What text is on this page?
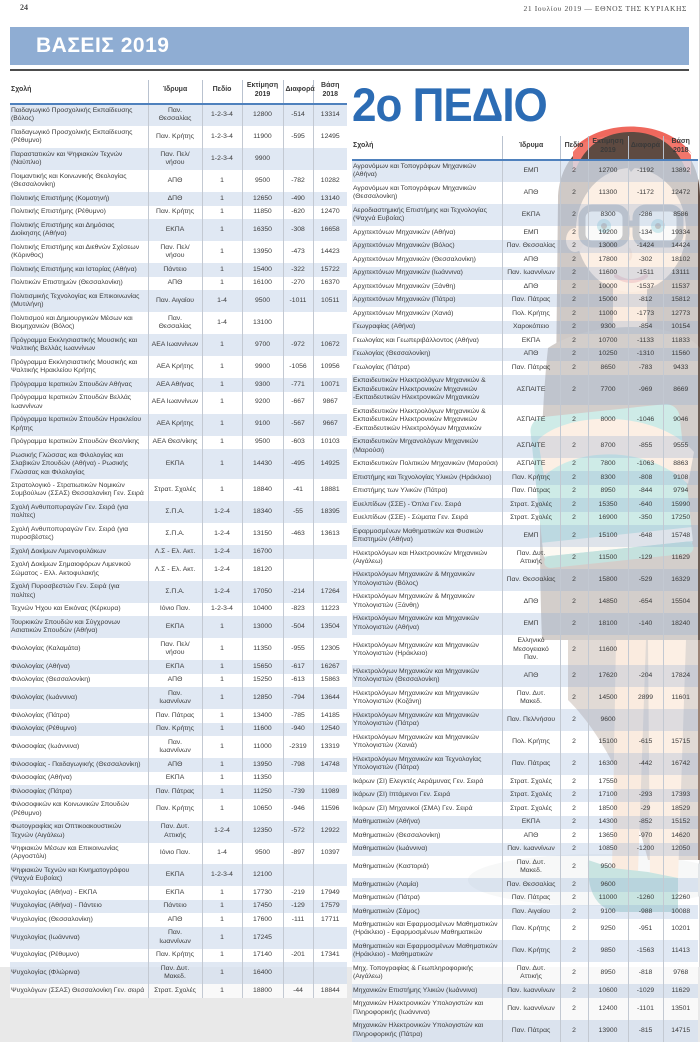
24	21 Ιουλίου 2019 — ΕΘΝΟΣ ΤΗΣ ΚΥΡΙΑΚΗΣ
ΒΑΣΕΙΣ 2019
Σχολή	Ίδρυμα	Πεδίο	Εκτίμηση 2019	Διαφορά	Βάση 2018
Παιδαγωγικό Προσχολικής Εκπαίδευσης (Βόλος)	Παν. Θεσσαλίας	1-2-3-4	12800	-514	13314
Παιδαγωγικό Προσχολικής Εκπαίδευσης (Ρέθυμνο)	Παν. Κρήτης	1-2-3-4	11900	-595	12495
Παραστατικών και Ψηφιακών Τεχνών (Ναύπλιο)	Παν. Πελ/νήσου	1-2-3-4	9900		
Ποιμαντικής και Κοινωνικής Θεολογίας (Θεσσαλονίκη)	ΑΠΘ	1	9500	-782	10282
Πολιτικής Επιστήμης (Κομοτηνή)	ΔΠΘ	1	12650	-490	13140
Πολιτικής Επιστήμης (Ρέθυμνο)	Παν. Κρήτης	1	11850	-620	12470
Πολιτικής Επιστήμης και Δημόσιας Διοίκησης (Αθήνα)	ΕΚΠΑ	1	16350	-308	16658
Πολιτικής Επιστήμης και Διεθνών Σχέσεων (Κόρινθος)	Παν. Πελ/νήσου	1	13950	-473	14423
Πολιτικής Επιστήμης και Ιστορίας (Αθήνα)	Πάντειο	1	15400	-322	15722
Πολιτικών Επιστημών (Θεσσαλονίκη)	ΑΠΘ	1	16100	-270	16370
Πολιτισμικής Τεχνολογίας και Επικοινωνίας (Μυτιλήνη)	Παν. Αιγαίου	1-4	9500	-1011	10511
Πολιτισμού και Δημιουργικών Μέσων και Βιομηχανιών (Βόλος)	Παν. Θεσσαλίας	1-4	13100		
Πρόγραμμα Εκκλησιαστικής Μουσικής και Ψαλτικής Βελλάς Ιωαννίνων	ΑΕΑ Ιωαννίνων	1	9700	-972	10672
Πρόγραμμα Εκκλησιαστικής Μουσικής και Ψαλτικής Ηρακλείου Κρήτης	ΑΕΑ Κρήτης	1	9900	-1056	10956
Πρόγραμμα Ιερατικών Σπουδών Αθήνας	ΑΕΑ Αθήνας	1	9300	-771	10071
Πρόγραμμα Ιερατικών Σπουδών Βελλάς Ιωαννίνων	ΑΕΑ Ιωαννίνων	1	9200	-667	9867
Πρόγραμμα Ιερατικών Σπουδών Ηρακλείου Κρήτης	ΑΕΑ Κρήτης	1	9100	-567	9667
Πρόγραμμα Ιερατικών Σπουδών Θεσ/νίκης	ΑΕΑ Θεσ/νίκης	1	9500	-603	10103
Ρωσικής Γλώσσας και Φιλολογίας και Σλαβικών Σπουδών (Αθήνα) - Ρωσικής Γλώσσας και Φιλολογίας	ΕΚΠΑ	1	14430	-495	14925
Στρατολογικό - Στρατιωτικών Νομικών Συμβούλων (ΣΣΑΣ) Θεσσαλονίκη Γεν. Σειρά	Στρατ. Σχολές	1	18840	-41	18881
Σχολή Ανθυποπυραγών Γεν. Σειρά (για πολίτες)	Σ.Π.Α.	1-2-4	18340	-55	18395
Σχολή Ανθυποπυραγών Γεν. Σειρά (για πυροσβέστες)	Σ.Π.Α.	1-2-4	13150	-463	13613
Σχολή Δοκίμων Λιμενοφυλάκων	Λ.Σ - Ελ. Ακτ.	1-2-4	16700		
Σχολή Δοκίμων Σημαιοφόρων Λιμενικού Σώματος - Ελλ. Ακτοφυλακής	Λ.Σ - Ελ. Ακτ.	1-2-4	18120		
Σχολή Πυροσβεστών Γεν. Σειρά (για πολίτες)	Σ.Π.Α.	1-2-4	17050	-214	17264
Τεχνών Ήχου και Εικόνας (Κέρκυρα)	Ιόνιο Παν.	1-2-3-4	10400	-823	11223
Τουρκικών Σπουδών και Σύγχρονων Ασιατικών Σπουδών (Αθήνα)	ΕΚΠΑ	1	13000	-504	13504
Φιλολογίας (Καλαμάτα)	Παν. Πελ/νήσου	1	11350	-955	12305
Φιλολογίας (Αθήνα)	ΕΚΠΑ	1	15650	-617	16267
Φιλολογίας (Θεσσαλονίκη)	ΑΠΘ	1	15250	-613	15863
Φιλολογίας (Ιωάννινα)	Παν. Ιωαννίνων	1	12850	-794	13644
Φιλολογίας (Πάτρα)	Παν. Πάτρας	1	13400	-785	14185
Φιλολογίας (Ρέθυμνο)	Παν. Κρήτης	1	11600	-940	12540
Φιλοσοφίας (Ιωάννινα)	Παν. Ιωαννίνων	1	11000	-2319	13319
Φιλοσοφίας - Παιδαγωγικής (Θεσσαλονίκη)	ΑΠΘ	1	13950	-798	14748
Φιλοσοφίας (Αθήνα)	ΕΚΠΑ	1	11350		
Φιλοσοφίας (Πάτρα)	Παν. Πάτρας	1	11250	-739	11989
Φιλοσοφικών και Κοινωνικών Σπουδών (Ρέθυμνο)	Παν. Κρήτης	1	10650	-946	11596
Φωτογραφίας και Οπτικοακουστικών Τεχνών (Αιγάλεω)	Παν. Δυτ. Αττικής	1-2-4	12350	-572	12922
Ψηφιακών Μέσων και Επικοινωνίας (Αργοστόλι)	Ιόνιο Παν.	1-4	9500	-897	10397
Ψηφιακών Τεχνών και Κινηματογράφου (Ψαχνά Ευβοίας)	ΕΚΠΑ	1-2-3-4	12100		
Ψυχολογίας (Αθήνα) - ΕΚΠΑ	ΕΚΠΑ	1	17730	-219	17949
Ψυχολογίας (Αθήνα) - Πάντειο	Πάντειο	1	17450	-129	17579
Ψυχολογίας (Θεσσαλονίκη)	ΑΠΘ	1	17600	-111	17711
Ψυχολογίας (Ιωάννινα)	Παν. Ιωαννίνων	1	17245		
Ψυχολογίας (Ρέθυμνο)	Παν. Κρήτης	1	17140	-201	17341
Ψυχολογίας (Φλώρινα)	Παν. Δυτ. Μακεδ.	1	16400		
Ψυχολόγων (ΣΣΑΣ) Θεσσαλονίκη Γεν. σειρά	Στρατ. Σχολές	1	18800	-44	18844
2ο ΠΕΔΙΟ
Σχολή	Ίδρυμα	Πεδίο	Εκτίμηση 2019	Διαφορά	Βάση 2018
Αγρονόμων και Τοπογράφων Μηχανικών (Αθήνα)	ΕΜΠ	2	12700	-1192	13892
Αγρονόμων και Τοπογράφων Μηχανικών (Θεσσαλονίκη)	ΑΠΘ	2	11300	-1172	12472
Αεροδιαστημικής Επιστήμης και Τεχνολογίας (Ψαχνά Ευβοίας)	ΕΚΠΑ	2	8300	-286	8586
Αρχιτεκτόνων Μηχανικών (Αθήνα)	ΕΜΠ	2	19200	-134	19334
Αρχιτεκτόνων Μηχανικών (Βόλος)	Παν. Θεσσαλίας	2	13000	-1424	14424
Αρχιτεκτόνων Μηχανικών (Θεσσαλονίκη)	ΑΠΘ	2	17800	-302	18102
Αρχιτεκτόνων Μηχανικών (Ιωάννινα)	Παν. Ιωαννίνων	2	11600	-1511	13111
Αρχιτεκτόνων Μηχανικών (Ξάνθη)	ΔΠΘ	2	10000	-1537	11537
Αρχιτεκτόνων Μηχανικών (Πάτρα)	Παν. Πάτρας	2	15000	-812	15812
Αρχιτεκτόνων Μηχανικών (Χανιά)	Πολ. Κρήτης	2	11000	-1773	12773
Γεωγραφίας (Αθήνα)	Χαροκόπειο	2	9300	-854	10154
Γεωλογίας και Γεωπεριβάλλοντος (Αθήνα)	ΕΚΠΑ	2	10700	-1133	11833
Γεωλογίας (Θεσσαλονίκη)	ΑΠΘ	2	10250	-1310	11560
Γεωλογίας (Πάτρα)	Παν. Πάτρας	2	8650	-783	9433
Εκπαιδευτικών Ηλεκτρολόγων Μηχανικών & Εκπαιδευτικών Ηλεκτρονικών Μηχανικών -Εκπαιδευτικών Ηλεκτρονικών Μηχανικών	ΑΣΠΑΙΤΕ	2	7700	-969	8669
Εκπαιδευτικών Ηλεκτρολόγων Μηχανικών & Εκπαιδευτικών Ηλεκτρονικών Μηχανικών -Εκπαιδευτικών Ηλεκτρολόγων Μηχανικών	ΑΣΠΑΙΤΕ	2	8000	-1046	9046
Εκπαιδευτικών Μηχανολόγων Μηχανικών (Μαρούσι)	ΑΣΠΑΙΤΕ	2	8700	-855	9555
Εκπαιδευτικών Πολιτικών Μηχανικών (Μαρούσι)	ΑΣΠΑΙΤΕ	2	7800	-1063	8863
Επιστήμης και Τεχνολογίας Υλικών (Ηράκλειο)	Παν. Κρήτης	2	8300	-808	9108
Επιστήμης των Υλικών (Πάτρα)	Παν. Πάτρας	2	8950	-844	9794
Ευελπίδων (ΣΣΕ) - Όπλα Γεν. Σειρά	Στρατ. Σχολές	2	15350	-640	15990
Ευελπίδων (ΣΣΕ) - Σώματα Γεν. Σειρά	Στρατ. Σχολές	2	16900	-350	17250
Εφαρμοσμένων Μαθηματικών και Φυσικών Επιστημών (Αθήνα)	ΕΜΠ	2	15100	-648	15748
Ηλεκτρολόγων και Ηλεκτρονικών Μηχανικών (Αιγάλεω)	Παν. Δυτ. Αττικής	2	11500	-129	11629
Ηλεκτρολόγων Μηχανικών & Μηχανικών Υπολογιστών (Βόλος)	Παν. Θεσσαλίας	2	15800	-529	16329
Ηλεκτρολόγων Μηχανικών & Μηχανικών Υπολογιστών (Ξάνθη)	ΔΠΘ	2	14850	-654	15504
Ηλεκτρολόγων Μηχανικών και Μηχανικών Υπολογιστών (Αθήνα)	ΕΜΠ	2	18100	-140	18240
Ηλεκτρολόγων Μηχανικών και Μηχανικών Υπολογιστών (Ηράκλειο)	Ελληνικό Μεσογειακό Παν.	2	11600		
Ηλεκτρολόγων Μηχανικών και Μηχανικών Υπολογιστών (Θεσσαλονίκη)	ΑΠΘ	2	17620	-204	17824
Ηλεκτρολόγων Μηχανικών και Μηχανικών Υπολογιστών (Κοζάνη)	Παν. Δυτ. Μακεδ.	2	14500	2899	11601
Ηλεκτρολόγων Μηχανικών και Μηχανικών Υπολογιστών (Πάτρα)	Παν. Πελ/νήσου	2	9600		
Ηλεκτρολόγων Μηχανικών και Μηχανικών Υπολογιστών (Χανιά)	Πολ. Κρήτης	2	15100	-615	15715
Ηλεκτρολόγων Μηχανικών και Τεχνολογίας Υπολογιστών (Πάτρα)	Παν. Πάτρας	2	16300	-442	16742
Ικάρων (ΣΙ) Ελεγκτές Αεράμυνας Γεν. Σειρά	Στρατ. Σχολές	2	17550		
Ικάρων (ΣΙ) Ιπτάμενοι Γεν. Σειρά	Στρατ. Σχολές	2	17100	-293	17393
Ικάρων (ΣΙ) Μηχανικοί (ΣΜΑ) Γεν. Σειρά	Στρατ. Σχολές	2	18500	-29	18529
Μαθηματικών (Αθήνα)	ΕΚΠΑ	2	14300	-852	15152
Μαθηματικών (Θεσσαλονίκη)	ΑΠΘ	2	13650	-970	14620
Μαθηματικών (Ιωάννινα)	Παν. Ιωαννίνων	2	10850	-1200	12050
Μαθηματικών (Καστοριά)	Παν. Δυτ. Μακεδ.	2	9500		
Μαθηματικών (Λαμία)	Παν. Θεσσαλίας	2	9600		
Μαθηματικών (Πάτρα)	Παν. Πάτρας	2	11000	-1260	12260
Μαθηματικών (Σάμος)	Παν. Αιγαίου	2	9100	-988	10088
Μαθηματικών και Εφαρμοσμένων Μαθηματικών (Ηράκλειο) - Εφαρμοσμένων Μαθηματικών	Παν. Κρήτης	2	9250	-951	10201
Μαθηματικών και Εφαρμοσμένων Μαθηματικών (Ηράκλειο) - Μαθηματικών	Παν. Κρήτης	2	9850	-1563	11413
Μηχ. Τοπογραφίας & Γεωπληροφορικής (Αιγάλεω)	Παν. Δυτ. Αττικής	2	8950	-818	9768
Μηχανικών Επιστήμης Υλικών (Ιωάννινα)	Παν. Ιωαννίνων	2	10600	-1029	11629
Μηχανικών Ηλεκτρονικών Υπολογιστών και Πληροφορικής (Ιωάννινα)	Παν. Ιωαννίνων	2	12400	-1101	13501
Μηχανικών Ηλεκτρονικών Υπολογιστών και Πληροφορικής (Πάτρα)	Παν. Πάτρας	2	13900	-815	14715
